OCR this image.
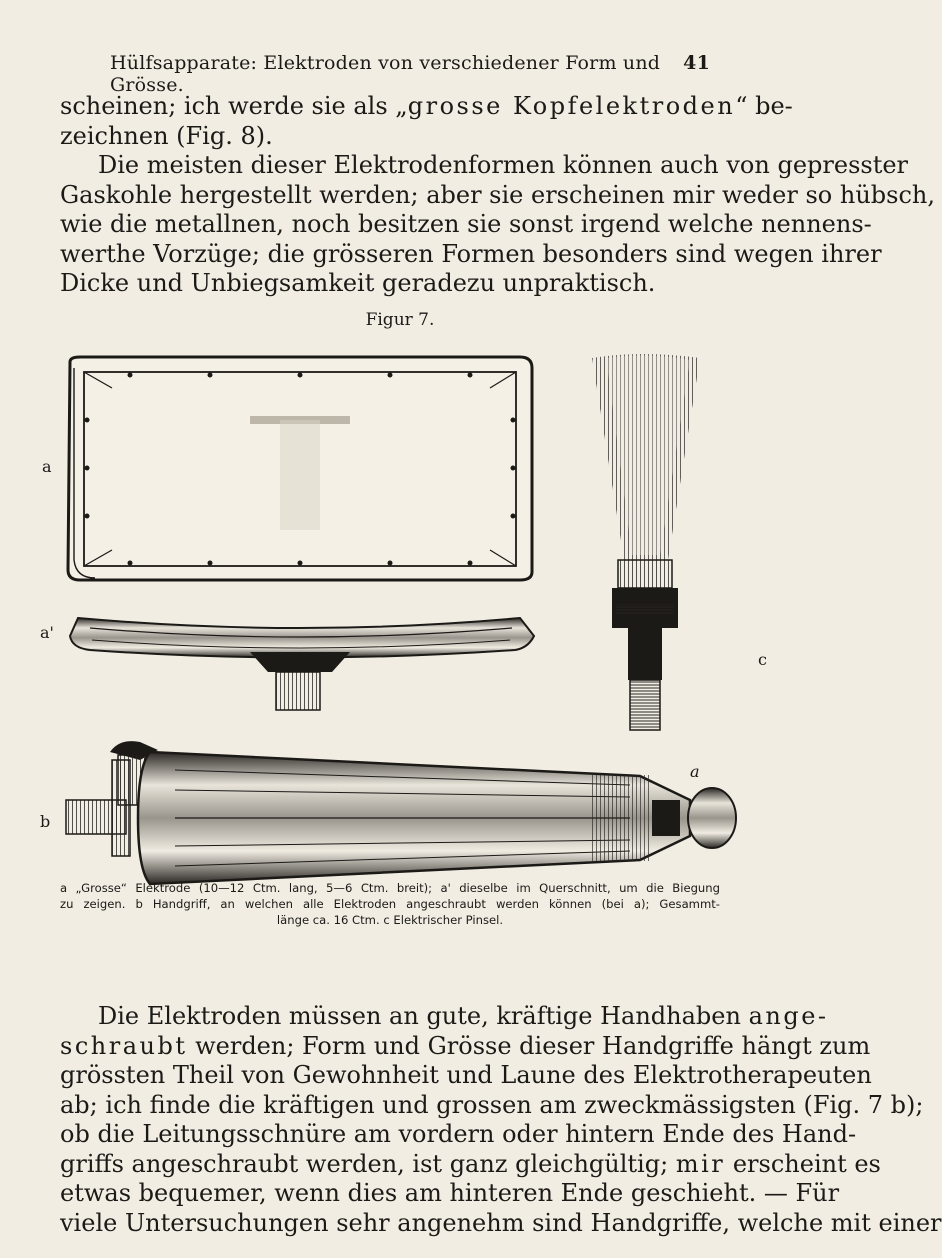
Hülfsapparate: Elektroden von verschiedener Form und Grösse.
41
scheinen; ich werde sie als „grosse Kopfelektroden“ be-
zeichnen (Fig. 8).
Die meisten dieser Elektrodenformen können auch von gepresster
Gaskohle hergestellt werden; aber sie erscheinen mir weder so hübsch,
wie die metallnen, noch besitzen sie sonst irgend welche nennens-
werthe Vorzüge; die grösseren Formen besonders sind wegen ihrer
Dicke und Unbiegsamkeit geradezu unpraktisch.
Figur 7.
a
a'
b
c
a
a „Grosse“ Elektrode (10—12 Ctm. lang, 5—6 Ctm. breit); a' dieselbe im Querschnitt, um die Biegung
zu zeigen. b Handgriff, an welchen alle Elektroden angeschraubt werden können (bei a); Gesammt-
länge ca. 16 Ctm. c Elektrischer Pinsel.
Die Elektroden müssen an gute, kräftige Handhaben ange-
schraubt werden; Form und Grösse dieser Handgriffe hängt zum
grössten Theil von Gewohnheit und Laune des Elektrotherapeuten
ab; ich finde die kräftigen und grossen am zweckmässigsten (Fig. 7 b);
ob die Leitungsschnüre am vordern oder hintern Ende des Hand-
griffs angeschraubt werden, ist ganz gleichgültig; mir erscheint es
etwas bequemer, wenn dies am hinteren Ende geschieht. — Für
viele Untersuchungen sehr angenehm sind Handgriffe, welche mit einer
